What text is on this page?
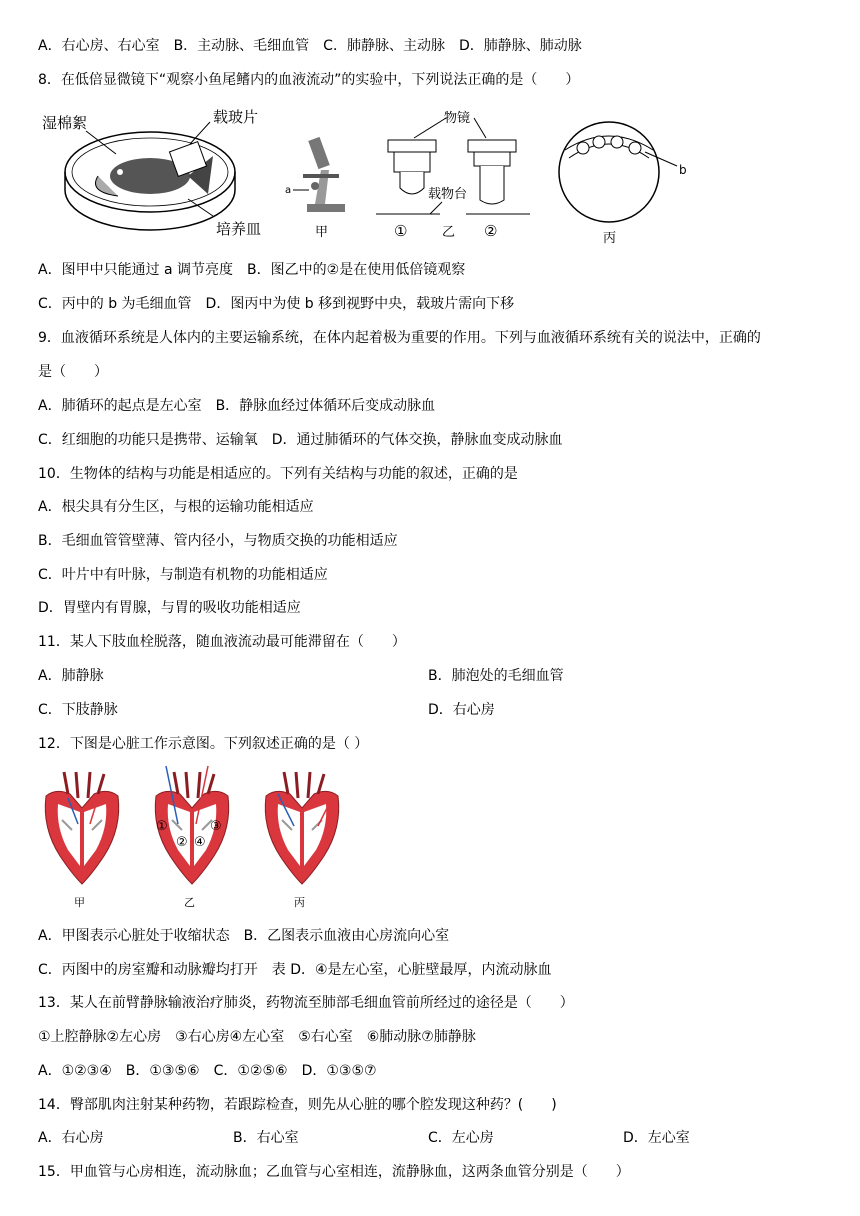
A．右心房、右心室　B．主动脉、毛细血管　C．肺静脉、主动脉　D．肺静脉、肺动脉
8．在低倍显微镜下“观察小鱼尾鳍内的血液流动”的实验中，下列说法正确的是（　　）
湿棉絮	载玻片
培养皿
a
甲
物镜
载物台
①	乙 ②
b
丙
A．图甲中只能通过 a 调节亮度　B．图乙中的②是在使用低倍镜观察
C．丙中的 b 为毛细血管　D．图丙中为使 b 移到视野中央，载玻片需向下移
9．血液循环系统是人体内的主要运输系统，在体内起着极为重要的作用。下列与血液循环系统有关的说法中，正确的
是（　　）
A．肺循环的起点是左心室　B．静脉血经过体循环后变成动脉血
C．红细胞的功能只是携带、运输氧　D．通过肺循环的气体交换，静脉血变成动脉血
10．生物体的结构与功能是相适应的。下列有关结构与功能的叙述，正确的是
A．根尖具有分生区，与根的运输功能相适应
B．毛细血管管壁薄、管内径小，与物质交换的功能相适应
C．叶片中有叶脉，与制造有机物的功能相适应
D．胃壁内有胃腺，与胃的吸收功能相适应
11．某人下肢血栓脱落，随血液流动最可能滞留在（　　）
A．肺静脉	B．肺泡处的毛细血管
C．下肢静脉	D．右心房
12．下图是心脏工作示意图。下列叙述正确的是（ ）
①
② ④
③
甲	乙	丙
A．甲图表示心脏处于收缩状态　B．乙图表示血液由心房流向心室
C．丙图中的房室瓣和动脉瓣均打开　表 D．④是左心室，心脏壁最厚，内流动脉血
13．某人在前臂静脉输液治疗肺炎，药物流至肺部毛细血管前所经过的途径是（　　）
①上腔静脉②左心房　③右心房④左心室　⑤右心室　⑥肺动脉⑦肺静脉
A．①②③④　B．①③⑤⑥　C．①②⑤⑥　D．①③⑤⑦
14．臀部肌肉注射某种药物，若跟踪检查，则先从心脏的哪个腔发现这种药？(　　)
A．右心房	B．右心室	C．左心房	D．左心室
15．甲血管与心房相连，流动脉血；乙血管与心室相连，流静脉血，这两条血管分别是（　　）
